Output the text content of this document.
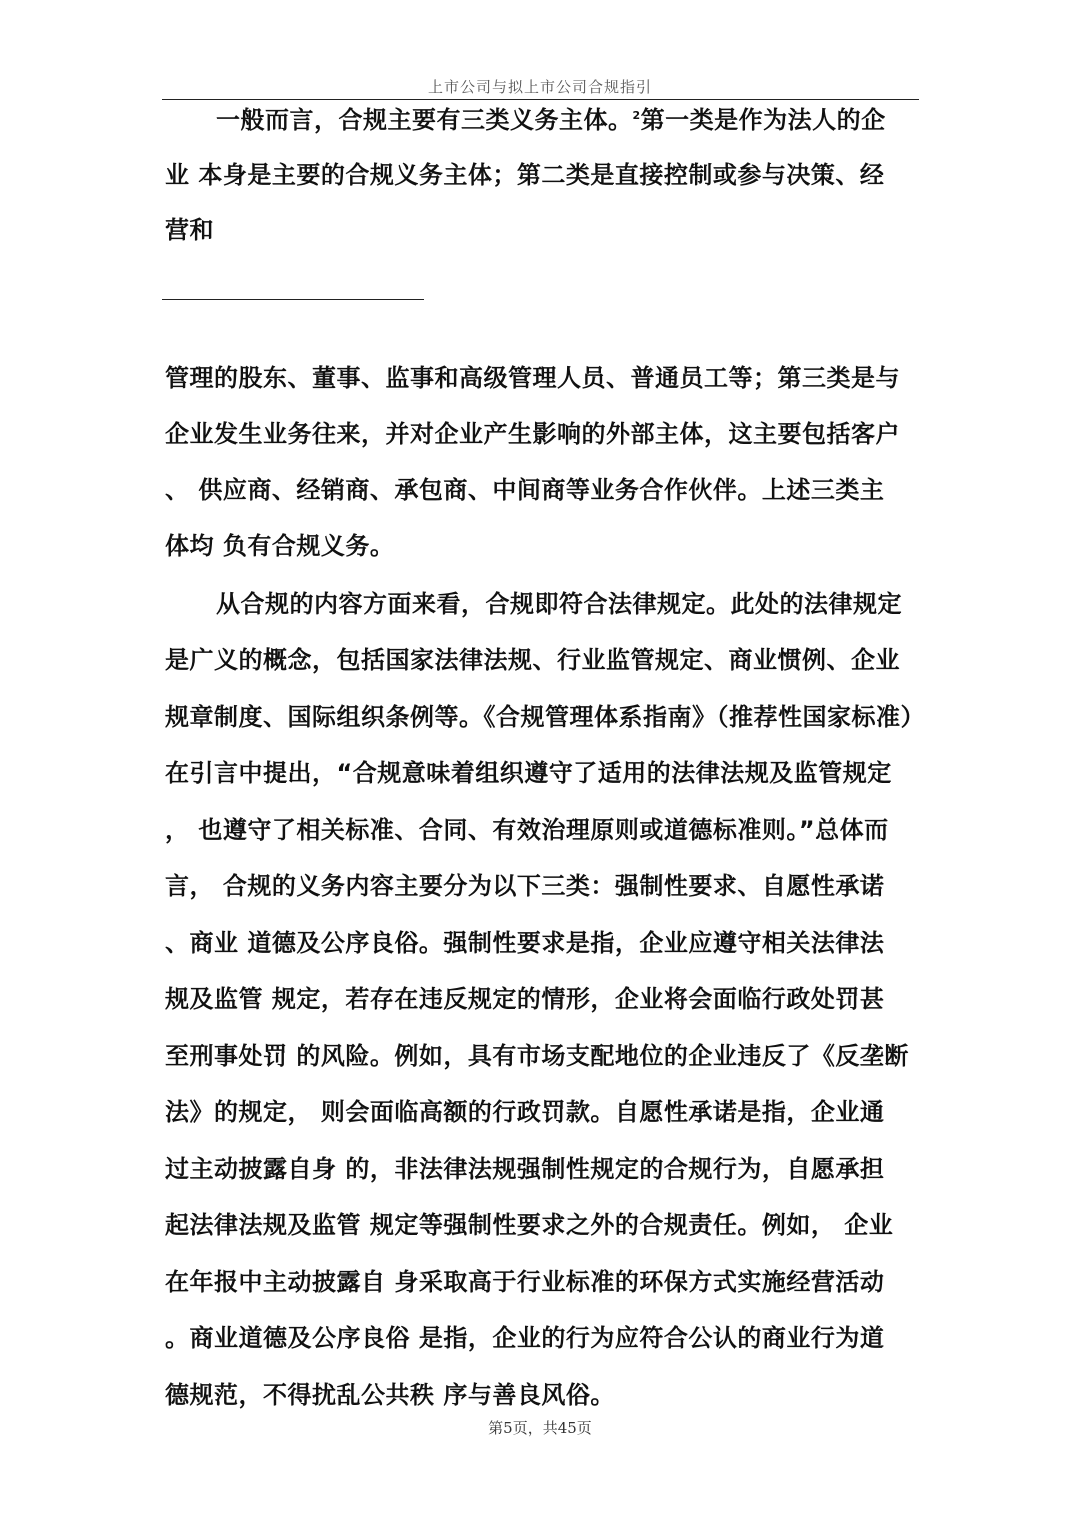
上市公司与拟上市公司合规指引
一般而言，合规主要有三类义务主体。$^2$第一类是作为法人的企
业 本身是主要的合规义务主体；第二类是直接控制或参与决策、经
营和
管理的股东、董事、监事和高级管理人员、普通员工等；第三类是与
企业发生业务往来，并对企业产生影响的外部主体，这主要包括客户
、 供应商、经销商、承包商、中间商等业务合作伙伴。上述三类主
体均 负有合规义务。
从合规的内容方面来看，合规即符合法律规定。此处的法律规定
是广义的概念，包括国家法律法规、行业监管规定、商业惯例、企业
规章制度、国际组织条例等。《合规管理体系指南》（推荐性国家标准）
在引言中提出，“合规意味着组织遵守了适用的法律法规及监管规定
， 也遵守了相关标准、合同、有效治理原则或道德标准则。”总体而
言， 合规的义务内容主要分为以下三类：强制性要求、自愿性承诺
、商业 道德及公序良俗。强制性要求是指，企业应遵守相关法律法
规及监管 规定，若存在违反规定的情形，企业将会面临行政处罚甚
至刑事处罚 的风险。例如，具有市场支配地位的企业违反了《反垄断
法》的规定， 则会面临高额的行政罚款。自愿性承诺是指，企业通
过主动披露自身 的，非法律法规强制性规定的合规行为，自愿承担
起法律法规及监管 规定等强制性要求之外的合规责任。例如， 企业
在年报中主动披露自 身采取高于行业标准的环保方式实施经营活动
。商业道德及公序良俗 是指，企业的行为应符合公认的商业行为道
德规范，不得扰乱公共秩 序与善良风俗。
第5页，共45页
